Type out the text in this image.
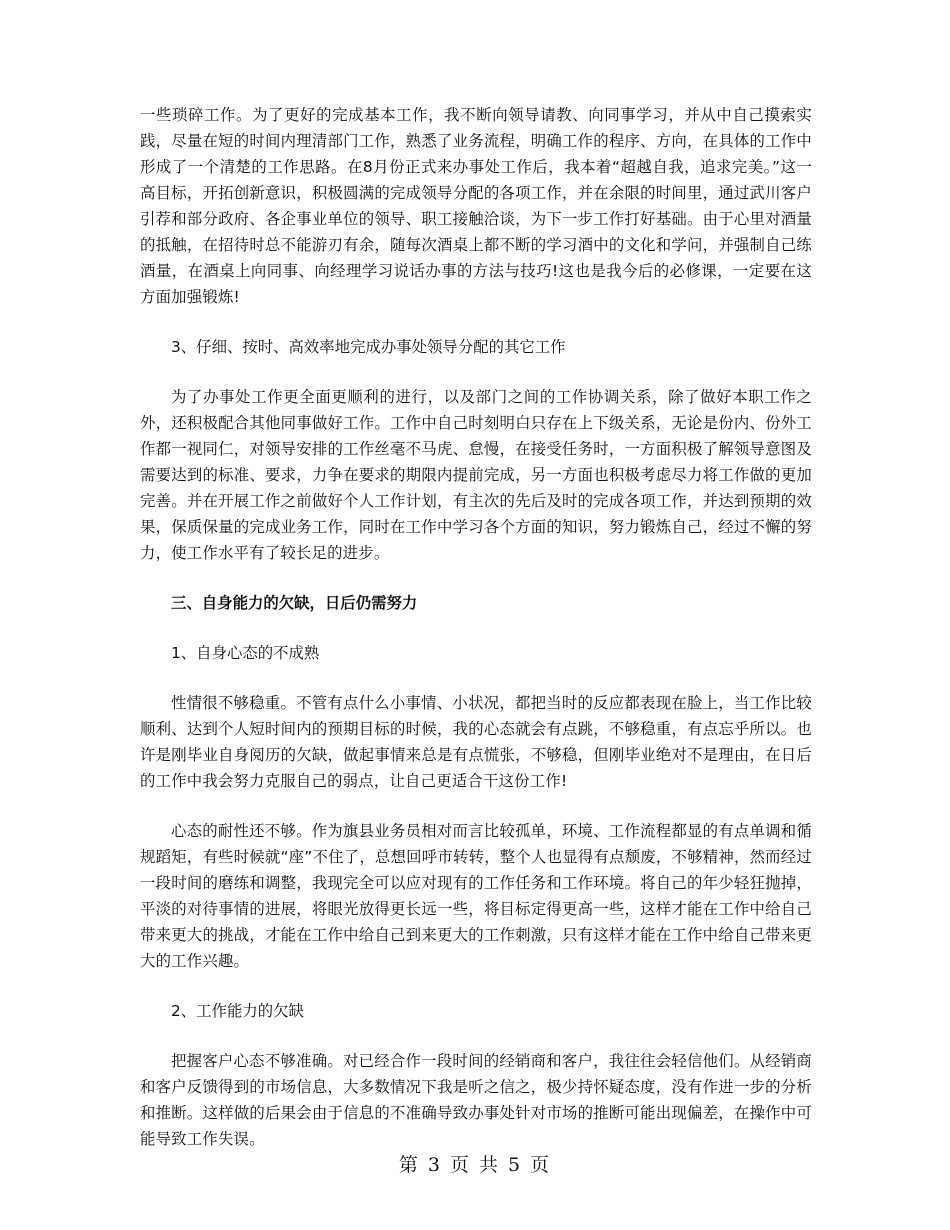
一些琐碎工作。为了更好的完成基本工作，我不断向领导请教、向同事学习，并从中自己摸索实践，尽量在短的时间内理清部门工作，熟悉了业务流程，明确工作的程序、方向，在具体的工作中形成了一个清楚的工作思路。在8月份正式来办事处工作后，我本着“超越自我，追求完美。”这一高目标，开拓创新意识，积极圆满的完成领导分配的各项工作，并在余限的时间里，通过武川客户引荐和部分政府、各企事业单位的领导、职工接触洽谈，为下一步工作打好基础。由于心里对酒量的抵触，在招待时总不能游刃有余，随每次酒桌上都不断的学习酒中的文化和学问，并强制自己练酒量，在酒桌上向同事、向经理学习说话办事的方法与技巧!这也是我今后的必修课，一定要在这方面加强锻炼!

3、仔细、按时、高效率地完成办事处领导分配的其它工作

为了办事处工作更全面更顺利的进行，以及部门之间的工作协调关系，除了做好本职工作之外，还积极配合其他同事做好工作。工作中自己时刻明白只存在上下级关系，无论是份内、份外工作都一视同仁，对领导安排的工作丝毫不马虎、怠慢，在接受任务时，一方面积极了解领导意图及需要达到的标准、要求，力争在要求的期限内提前完成，另一方面也积极考虑尽力将工作做的更加完善。并在开展工作之前做好个人工作计划，有主次的先后及时的完成各项工作，并达到预期的效果，保质保量的完成业务工作，同时在工作中学习各个方面的知识，努力锻炼自己，经过不懈的努力，使工作水平有了较长足的进步。

三、自身能力的欠缺，日后仍需努力

1、自身心态的不成熟

性情很不够稳重。不管有点什么小事情、小状况，都把当时的反应都表现在脸上，当工作比较顺利、达到个人短时间内的预期目标的时候，我的心态就会有点跳，不够稳重，有点忘乎所以。也许是刚毕业自身阅历的欠缺，做起事情来总是有点慌张，不够稳，但刚毕业绝对不是理由，在日后的工作中我会努力克服自己的弱点，让自己更适合干这份工作!

心态的耐性还不够。作为旗县业务员相对而言比较孤单，环境、工作流程都显的有点单调和循规蹈矩，有些时候就“座”不住了，总想回呼市转转，整个人也显得有点颓废，不够精神，然而经过一段时间的磨练和调整，我现完全可以应对现有的工作任务和工作环境。将自己的年少轻狂抛掉，平淡的对待事情的进展，将眼光放得更长远一些，将目标定得更高一些，这样才能在工作中给自己带来更大的挑战，才能在工作中给自己到来更大的工作刺激，只有这样才能在工作中给自己带来更大的工作兴趣。

2、工作能力的欠缺

把握客户心态不够准确。对已经合作一段时间的经销商和客户，我往往会轻信他们。从经销商和客户反馈得到的市场信息，大多数情况下我是听之信之，极少持怀疑态度，没有作进一步的分析和推断。这样做的后果会由于信息的不准确导致办事处针对市场的推断可能出现偏差，在操作中可能导致工作失误。

第 3 页 共 5 页
